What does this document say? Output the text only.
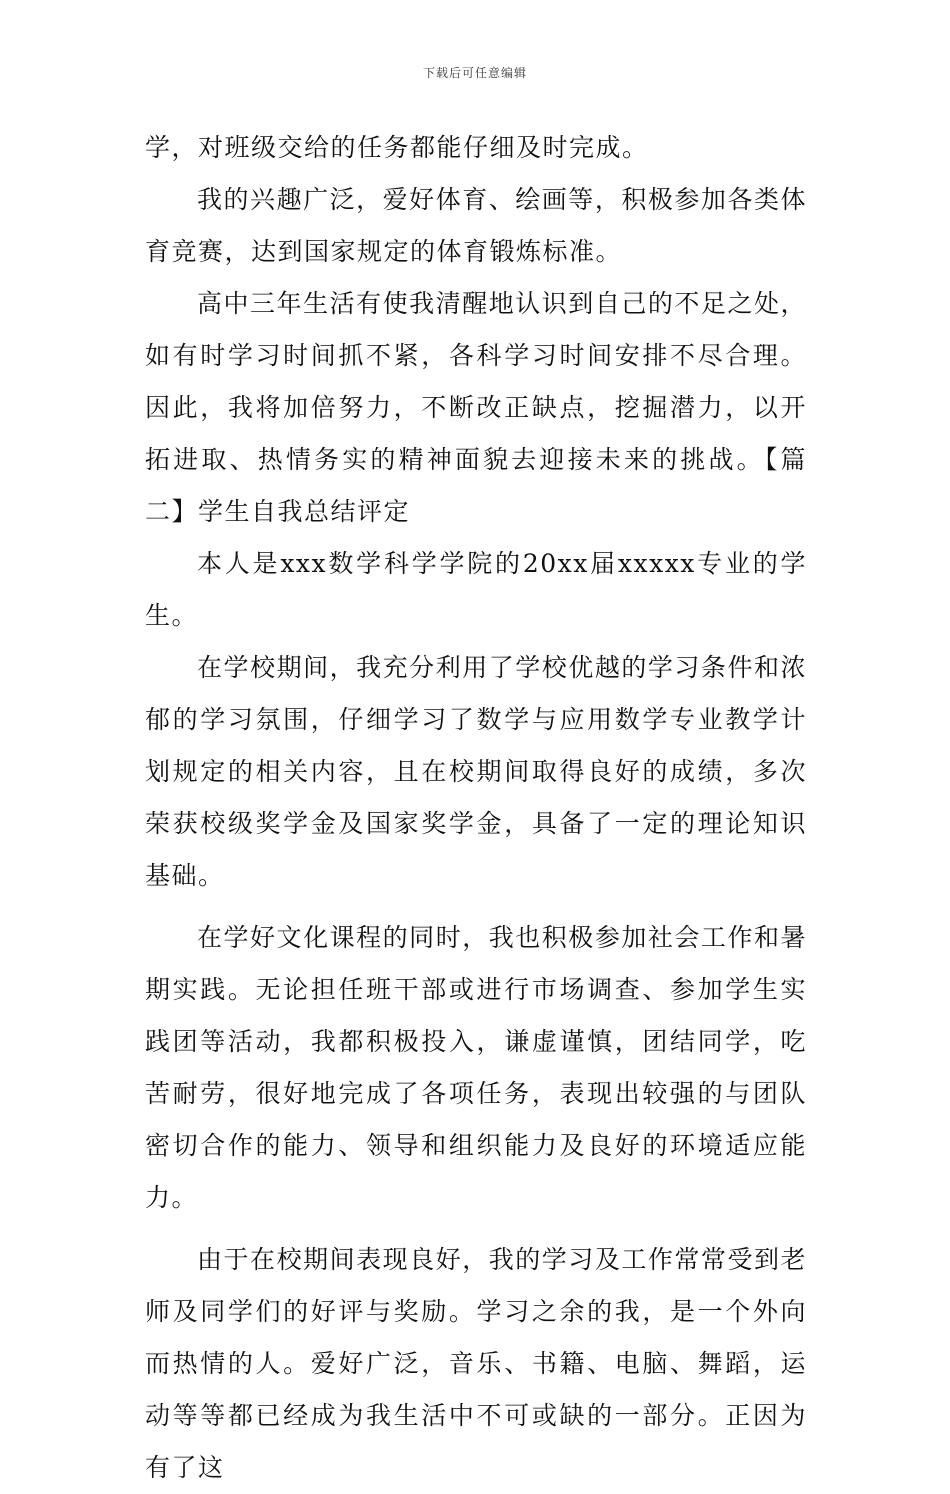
下载后可任意编辑

学，对班级交给的任务都能仔细及时完成。

我的兴趣广泛，爱好体育、绘画等，积极参加各类体育竞赛，达到国家规定的体育锻炼标准。

高中三年生活有使我清醒地认识到自己的不足之处，如有时学习时间抓不紧，各科学习时间安排不尽合理。因此，我将加倍努力，不断改正缺点，挖掘潜力，以开拓进取、热情务实的精神面貌去迎接未来的挑战。【篇二】学生自我总结评定

本人是xxx数学科学学院的20xx届xxxxx专业的学生。

在学校期间，我充分利用了学校优越的学习条件和浓郁的学习氛围，仔细学习了数学与应用数学专业教学计划规定的相关内容，且在校期间取得良好的成绩，多次荣获校级奖学金及国家奖学金，具备了一定的理论知识基础。

在学好文化课程的同时，我也积极参加社会工作和暑期实践。无论担任班干部或进行市场调查、参加学生实践团等活动，我都积极投入，谦虚谨慎，团结同学，吃苦耐劳，很好地完成了各项任务，表现出较强的与团队密切合作的能力、领导和组织能力及良好的环境适应能力。

由于在校期间表现良好，我的学习及工作常常受到老师及同学们的好评与奖励。学习之余的我，是一个外向而热情的人。爱好广泛，音乐、书籍、电脑、舞蹈，运动等等都已经成为我生活中不可或缺的一部分。正因为有了这
